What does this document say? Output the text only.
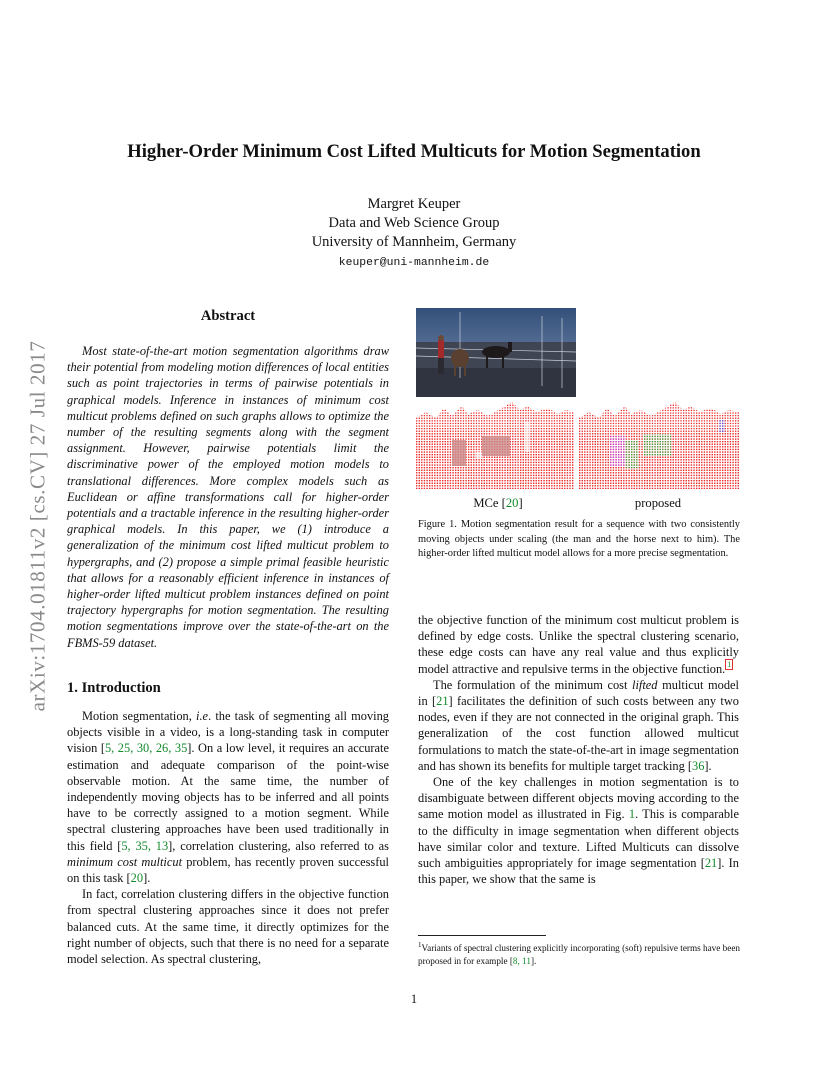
arXiv:1704.01811v2 [cs.CV] 27 Jul 2017
Higher-Order Minimum Cost Lifted Multicuts for Motion Segmentation
Margret Keuper
Data and Web Science Group
University of Mannheim, Germany
keuper@uni-mannheim.de
Abstract

Most state-of-the-art motion segmentation algorithms draw their potential from modeling motion differences of local entities such as point trajectories in terms of pairwise potentials in graphical models. Inference in instances of minimum cost multicut problems defined on such graphs allows to optimize the number of the resulting segments along with the segment assignment. However, pairwise potentials limit the discriminative power of the employed motion models to translational differences. More complex models such as Euclidean or affine transformations call for higher-order potentials and a tractable inference in the resulting higher-order graphical models. In this paper, we (1) introduce a generalization of the minimum cost lifted multicut problem to hypergraphs, and (2) propose a simple primal feasible heuristic that allows for a reasonably efficient inference in instances of higher-order lifted multicut problem instances defined on point trajectory hypergraphs for motion segmentation. The resulting motion segmentations improve over the state-of-the-art on the FBMS-59 dataset.

1. Introduction

Motion segmentation, i.e. the task of segmenting all moving objects visible in a video, is a long-standing task in computer vision [5, 25, 30, 26, 35]. On a low level, it requires an accurate estimation and adequate comparison of the point-wise observable motion. At the same time, the number of independently moving objects has to be inferred and all points have to be correctly assigned to a motion segment. While spectral clustering approaches have been used traditionally in this field [5, 35, 13], correlation clustering, also referred to as minimum cost multicut problem, has recently proven successful on this task [20].

In fact, correlation clustering differs in the objective function from spectral clustering approaches since it does not prefer balanced cuts. At the same time, it directly optimizes for the right number of objects, such that there is no need for a separate model selection. As spectral clustering,

MCe [20]	proposed
Figure 1. Motion segmentation result for a sequence with two consistently moving objects under scaling (the man and the horse next to him). The higher-order lifted multicut model allows for a more precise segmentation.

the objective function of the minimum cost multicut problem is defined by edge costs. Unlike the spectral clustering scenario, these edge costs can have any real value and thus explicitly model attractive and repulsive terms in the objective function. $^1$

The formulation of the minimum cost lifted multicut model in [21] facilitates the definition of such costs between any two nodes, even if they are not connected in the original graph. This generalization of the cost function allowed multicut formulations to match the state-of-the-art in image segmentation and has shown its benefits for multiple target tracking [36].

One of the key challenges in motion segmentation is to disambiguate between different objects moving according to the same motion model as illustrated in Fig. 1. This is comparable to the difficulty in image segmentation when different objects have similar color and texture. Lifted Multicuts can dissolve such ambiguities appropriately for image segmentation [21]. In this paper, we show that the same is

$^1$Variants of spectral clustering explicitly incorporating (soft) repulsive terms have been proposed in for example [8, 11].
1
